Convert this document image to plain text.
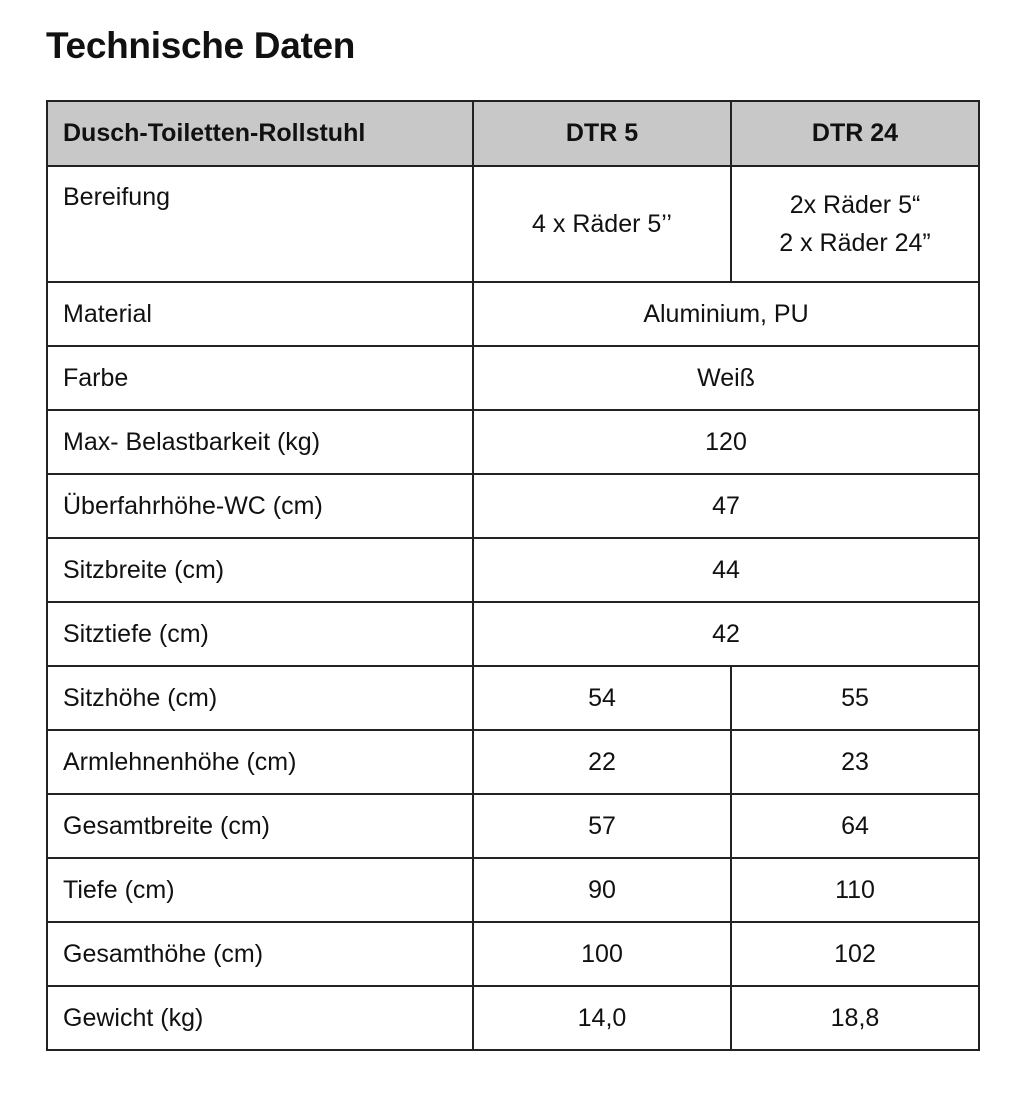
Technische Daten
Dusch-Toiletten-Rollstuhl	DTR 5	DTR 24
Bereifung	4 x Räder 5’’	2x Räder 5“
2 x Räder 24”
Material	Aluminium, PU	
Farbe	Weiß	
Max- Belastbarkeit (kg)	120	
Überfahrhöhe-WC (cm)	47	
Sitzbreite (cm)	44	
Sitztiefe (cm)	42	
Sitzhöhe (cm)	54	55
Armlehnenhöhe (cm)	22	23
Gesamtbreite (cm)	57	64
Tiefe (cm)	90	110
Gesamthöhe (cm)	100	102
Gewicht (kg)	14,0	18,8
